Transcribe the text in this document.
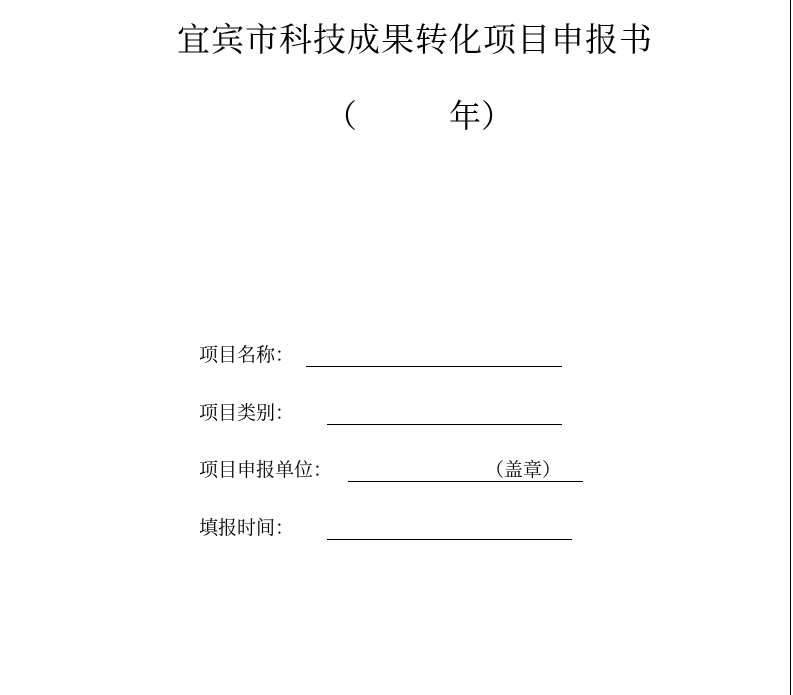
宜宾市科技成果转化项目申报书
（	年）
项目名称：
项目类别：
项目申报单位：	（盖章）
填报时间：
